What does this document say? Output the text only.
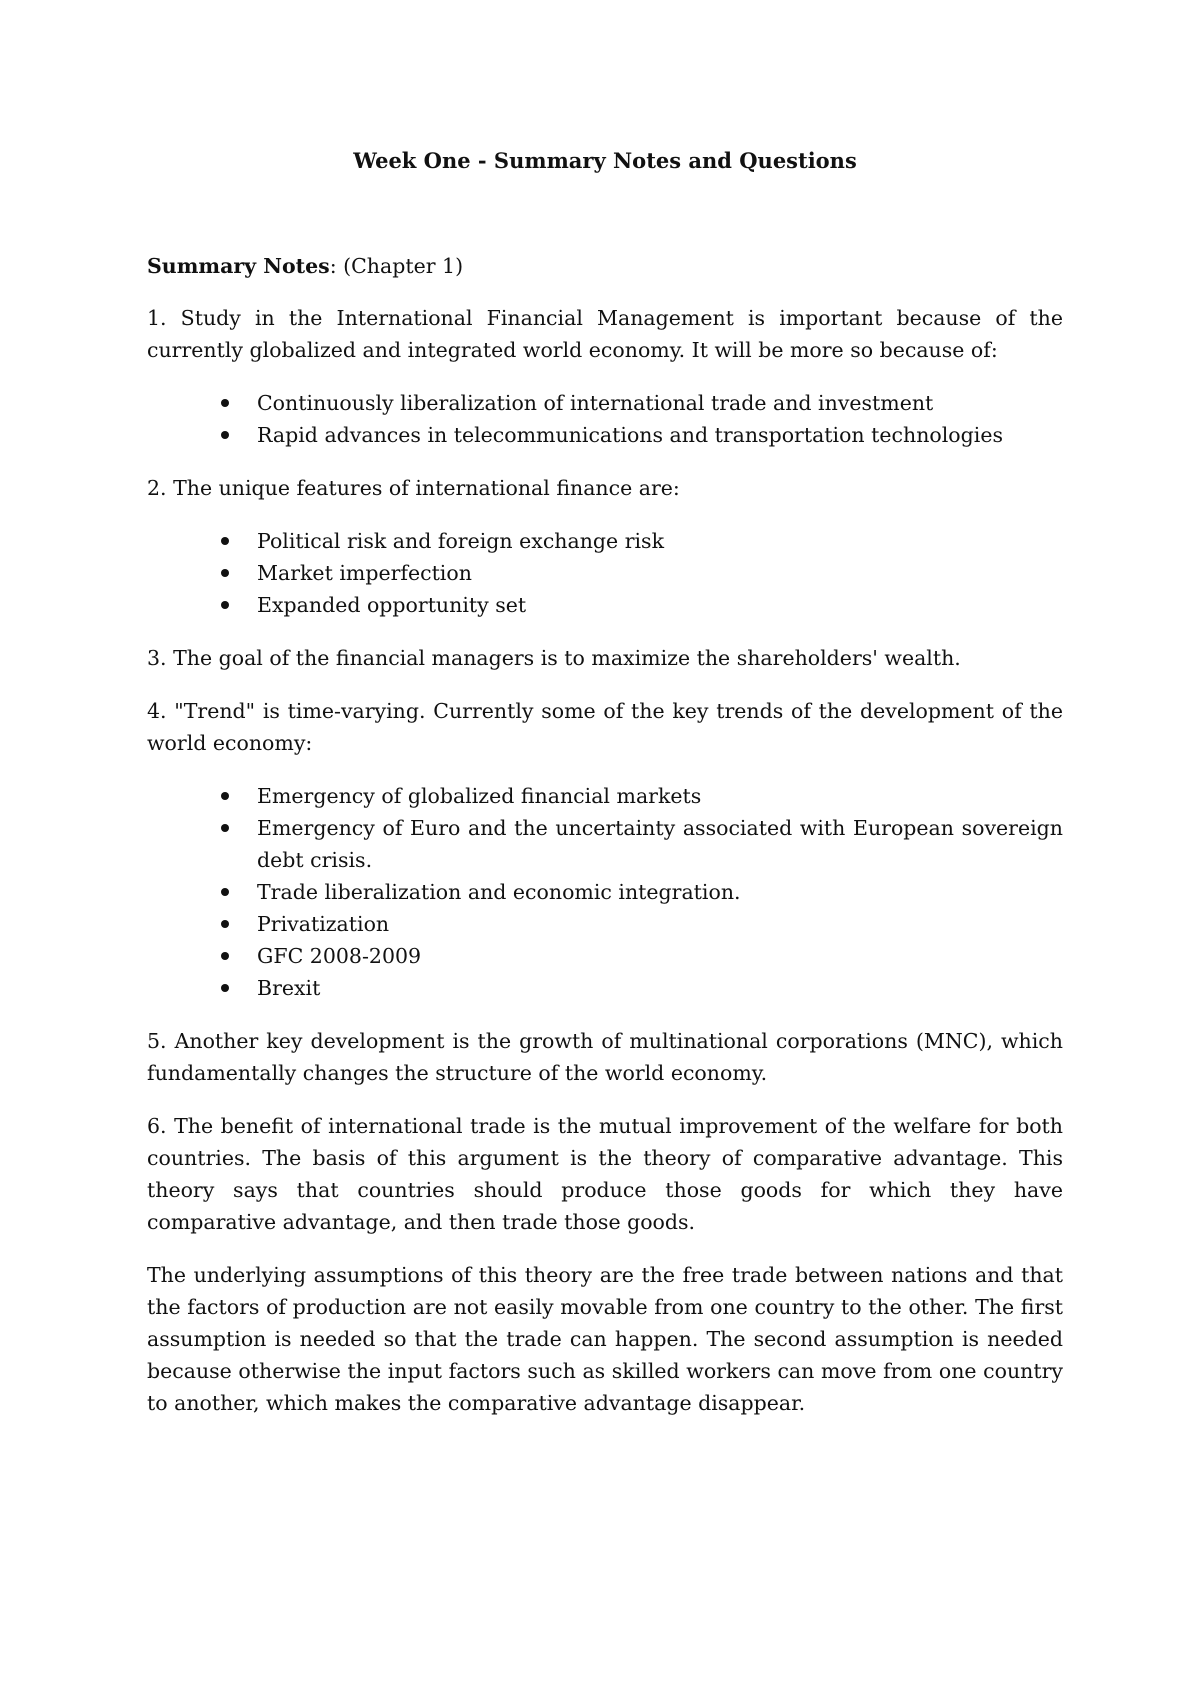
Week One - Summary Notes and Questions

Summary Notes: (Chapter 1)

1. Study in the International Financial Management is important because of the currently globalized and integrated world economy. It will be more so because of:

Continuously liberalization of international trade and investment
Rapid advances in telecommunications and transportation technologies

2. The unique features of international finance are:

Political risk and foreign exchange risk
Market imperfection
Expanded opportunity set

3. The goal of the financial managers is to maximize the shareholders' wealth.

4. "Trend" is time-varying. Currently some of the key trends of the development of the world economy:

Emergency of globalized financial markets
Emergency of Euro and the uncertainty associated with European sovereign debt crisis.
Trade liberalization and economic integration.
Privatization
GFC 2008-2009
Brexit

5. Another key development is the growth of multinational corporations (MNC), which fundamentally changes the structure of the world economy.

6. The benefit of international trade is the mutual improvement of the welfare for both countries. The basis of this argument is the theory of comparative advantage. This theory says that countries should produce those goods for which they have comparative advantage, and then trade those goods.

The underlying assumptions of this theory are the free trade between nations and that the factors of production are not easily movable from one country to the other. The first assumption is needed so that the trade can happen. The second assumption is needed because otherwise the input factors such as skilled workers can move from one country to another, which makes the comparative advantage disappear.
